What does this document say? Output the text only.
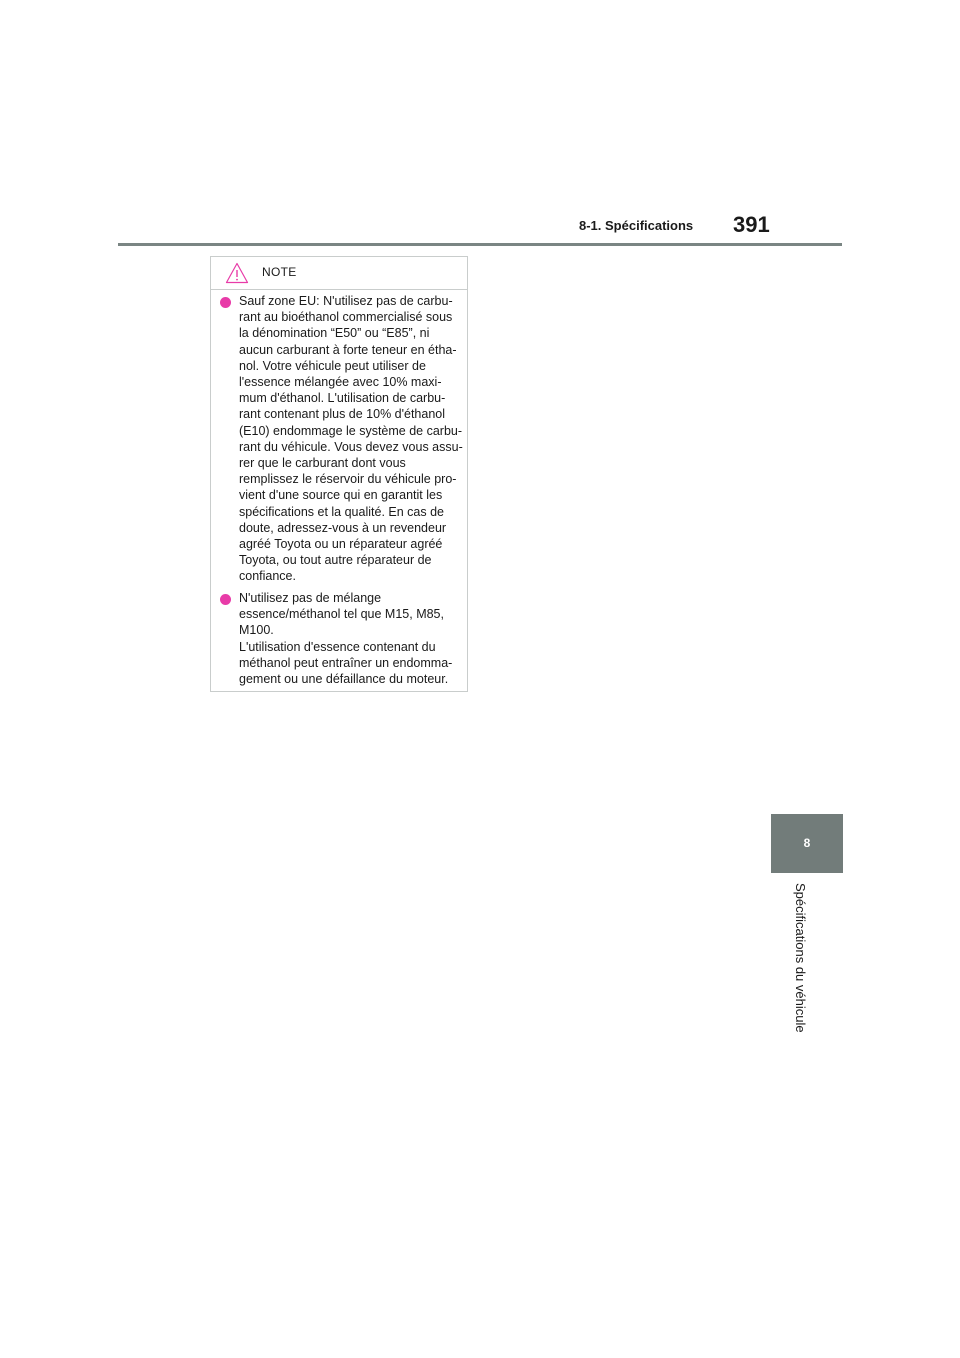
8-1. Spécifications 391
NOTE
Sauf zone EU: N'utilisez pas de carbu-
rant au bioéthanol commercialisé sous
la dénomination “E50” ou “E85”, ni
aucun carburant à forte teneur en étha-
nol. Votre véhicule peut utiliser de
l'essence mélangée avec 10% maxi-
mum d'éthanol. L'utilisation de carbu-
rant contenant plus de 10% d'éthanol
(E10) endommage le système de carbu-
rant du véhicule. Vous devez vous assu-
rer que le carburant dont vous
remplissez le réservoir du véhicule pro-
vient d'une source qui en garantit les
spécifications et la qualité. En cas de
doute, adressez-vous à un revendeur
agréé Toyota ou un réparateur agréé
Toyota, ou tout autre réparateur de
confiance.
N'utilisez pas de mélange
essence/méthanol tel que M15, M85,
M100.
L'utilisation d'essence contenant du
méthanol peut entraîner un endomma-
gement ou une défaillance du moteur.
8
Spécifications du véhicule
